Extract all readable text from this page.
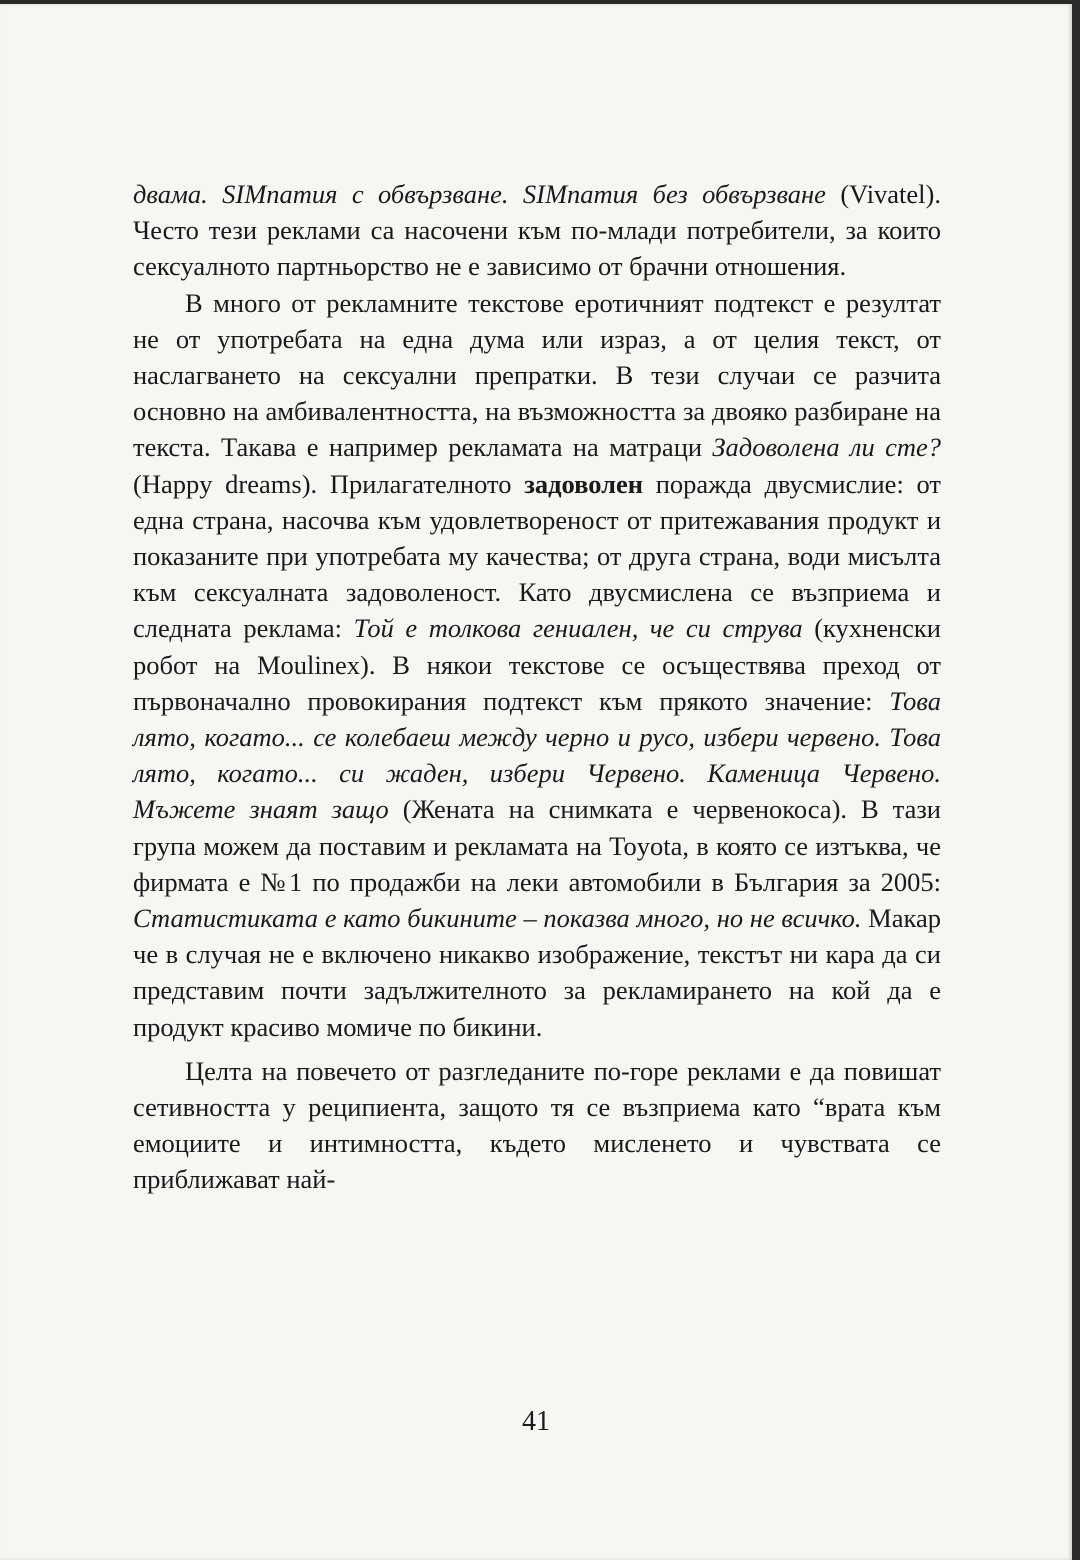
двама. SIMпатия с обвързване. SIMпатия без обвързване (Vivatel). Често тези реклами са насочени към по-млади потребители, за които сексуалното партньорство не е зависимо от брачни отношения.

В много от рекламните текстове еротичният подтекст е резултат не от употребата на една дума или израз, а от целия текст, от наслагването на сексуални препратки. В тези случаи се разчита основно на амбивалентността, на възможността за двояко разбиране на текста. Такава е например рекламата на матраци Задоволена ли сте? (Happy dreams). Прилагателното задоволен поражда двусмислие: от една страна, насочва към удовлетвореност от притежавания продукт и показаните при употребата му качества; от друга страна, води мисълта към сексуалната задоволеност. Като двусмислена се възприема и следната реклама: Той е толкова гениален, че си струва (кухненски робот на Moulinex). В някои текстове се осъществява преход от първоначално провокирания подтекст към прякото значение: Това лято, когато... се колебаеш между черно и русо, избери червено. Това лято, когато... си жаден, избери Червено. Каменица Червено. Мъжете знаят защо (Жената на снимката е червенокоса). В тази група можем да поставим и рекламата на Toyota, в която се изтъква, че фирмата е №1 по продажби на леки автомобили в България за 2005: Статистиката е като бикините – показва много, но не всичко. Макар че в случая не е включено никакво изображение, текстът ни кара да си представим почти задължителното за рекламирането на кой да е продукт красиво момиче по бикини.

Целта на повечето от разгледаните по-горе реклами е да повишат сетивността у реципиента, защото тя се възприема като “врата към емоциите и интимността, където мисленето и чувствата се приближават най-

41
